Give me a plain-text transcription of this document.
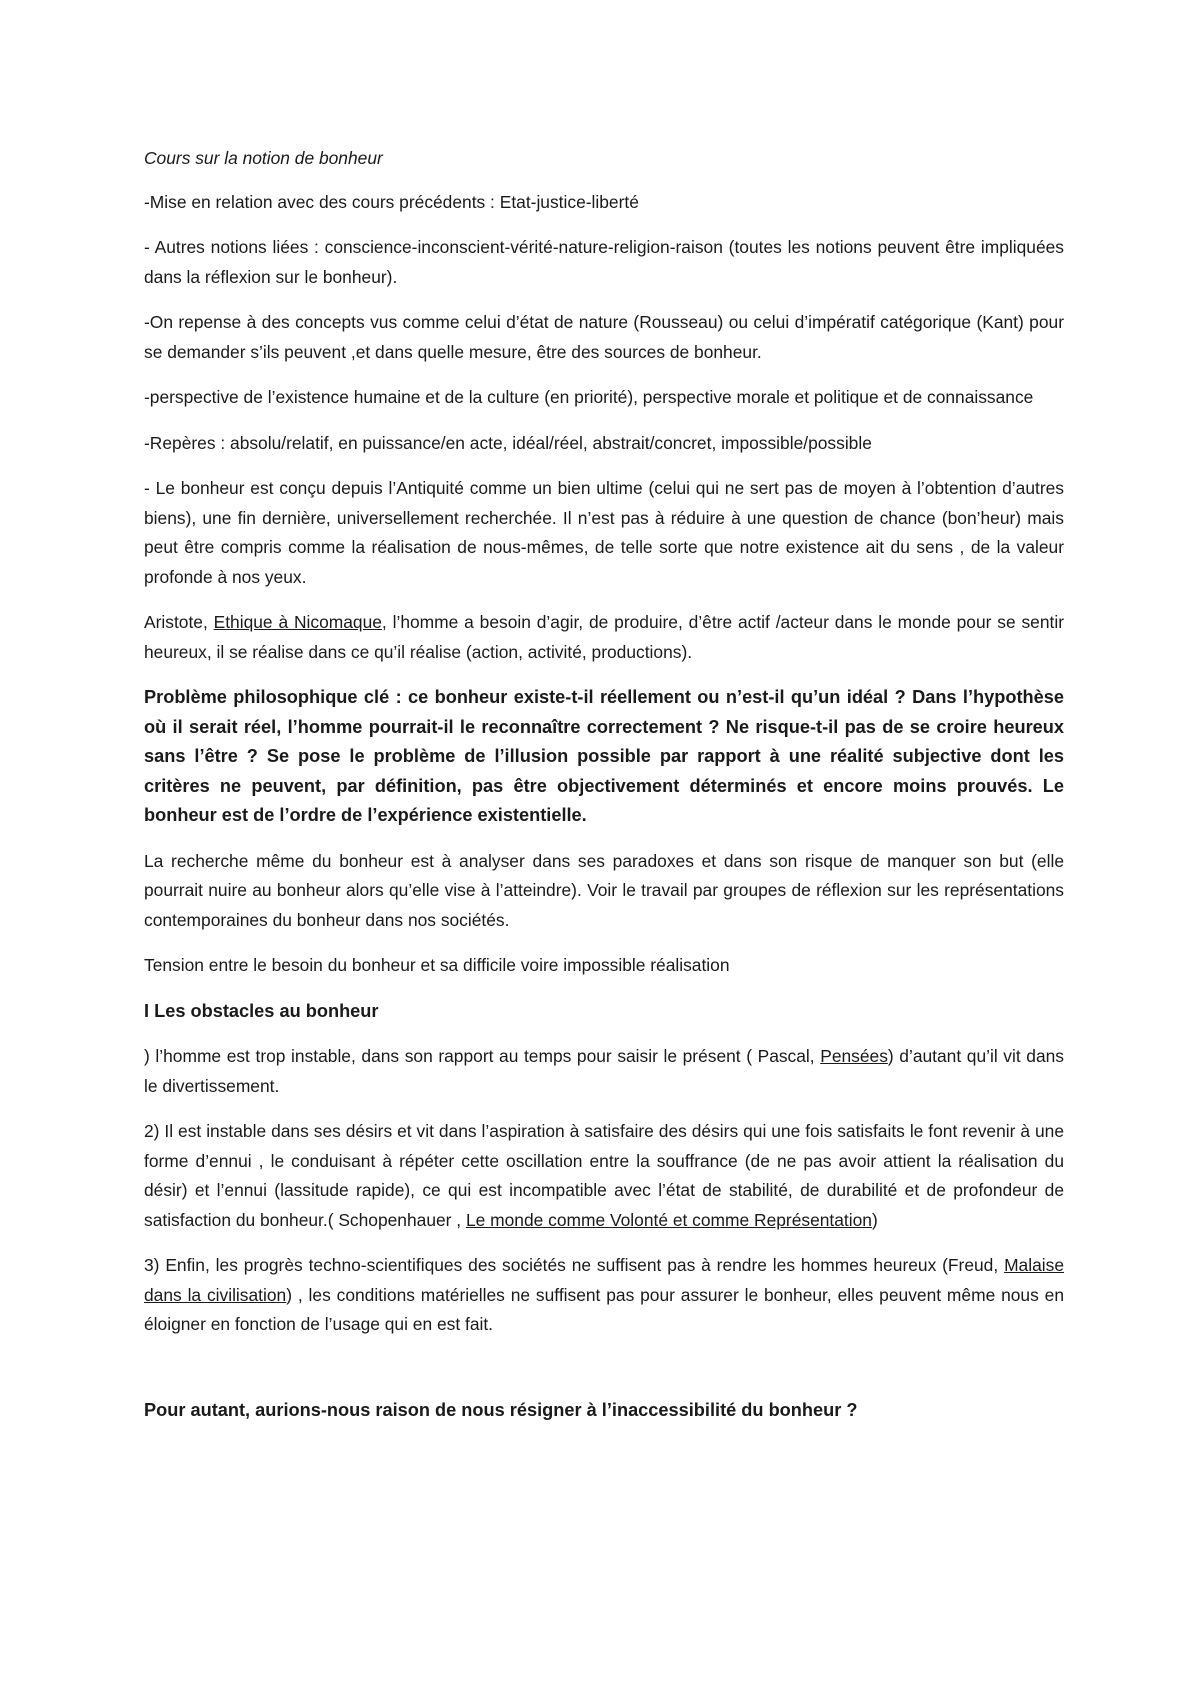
Cours sur la notion de bonheur

-Mise en relation avec des cours précédents : Etat-justice-liberté

- Autres notions liées : conscience-inconscient-vérité-nature-religion-raison (toutes les notions peuvent être impliquées dans la réflexion sur le bonheur).

-On repense à des concepts vus comme celui d’état de nature (Rousseau) ou celui d’impératif catégorique (Kant) pour se demander s’ils peuvent ,et dans quelle mesure, être des sources de bonheur.

-perspective de l’existence humaine et de la culture (en priorité), perspective morale et politique et de connaissance

-Repères : absolu/relatif, en puissance/en acte, idéal/réel, abstrait/concret, impossible/possible

- Le bonheur est conçu depuis l’Antiquité comme un bien ultime (celui qui ne sert pas de moyen à l’obtention d’autres biens), une fin dernière, universellement recherchée. Il n’est pas à réduire à une question de chance (bon’heur) mais peut être compris comme la réalisation de nous-mêmes, de telle sorte que notre existence ait du sens , de la valeur profonde à nos yeux.

Aristote, Ethique à Nicomaque, l’homme a besoin d’agir, de produire, d’être actif /acteur dans le monde pour se sentir heureux, il se réalise dans ce qu’il réalise (action, activité, productions).

Problème philosophique clé : ce bonheur existe-t-il réellement ou n’est-il qu’un idéal ? Dans l’hypothèse où il serait réel, l’homme pourrait-il le reconnaître correctement ? Ne risque-t-il pas de se croire heureux sans l’être ? Se pose le problème de l’illusion possible par rapport à une réalité subjective dont les critères ne peuvent, par définition, pas être objectivement déterminés et encore moins prouvés. Le bonheur est de l’ordre de l’expérience existentielle.

La recherche même du bonheur est à analyser dans ses paradoxes et dans son risque de manquer son but (elle pourrait nuire au bonheur alors qu’elle vise à l’atteindre). Voir le travail par groupes de réflexion sur les représentations contemporaines du bonheur dans nos sociétés.

Tension entre le besoin du bonheur et sa difficile voire impossible réalisation

I Les obstacles au bonheur

) l’homme est trop instable, dans son rapport au temps pour saisir le présent ( Pascal, Pensées) d’autant qu’il vit dans le divertissement.

2) Il est instable dans ses désirs et vit dans l’aspiration à satisfaire des désirs qui une fois satisfaits le font revenir à une forme d’ennui , le conduisant à répéter cette oscillation entre la souffrance (de ne pas avoir attient la réalisation du désir) et l’ennui (lassitude rapide), ce qui est incompatible avec l’état de stabilité, de durabilité et de profondeur de satisfaction du bonheur.( Schopenhauer , Le monde comme Volonté et comme Représentation)

3) Enfin, les progrès techno-scientifiques des sociétés ne suffisent pas à rendre les hommes heureux (Freud, Malaise dans la civilisation) , les conditions matérielles ne suffisent pas pour assurer le bonheur, elles peuvent même nous en éloigner en fonction de l’usage qui en est fait.

Pour autant, aurions-nous raison de nous résigner à l’inaccessibilité du bonheur ?
